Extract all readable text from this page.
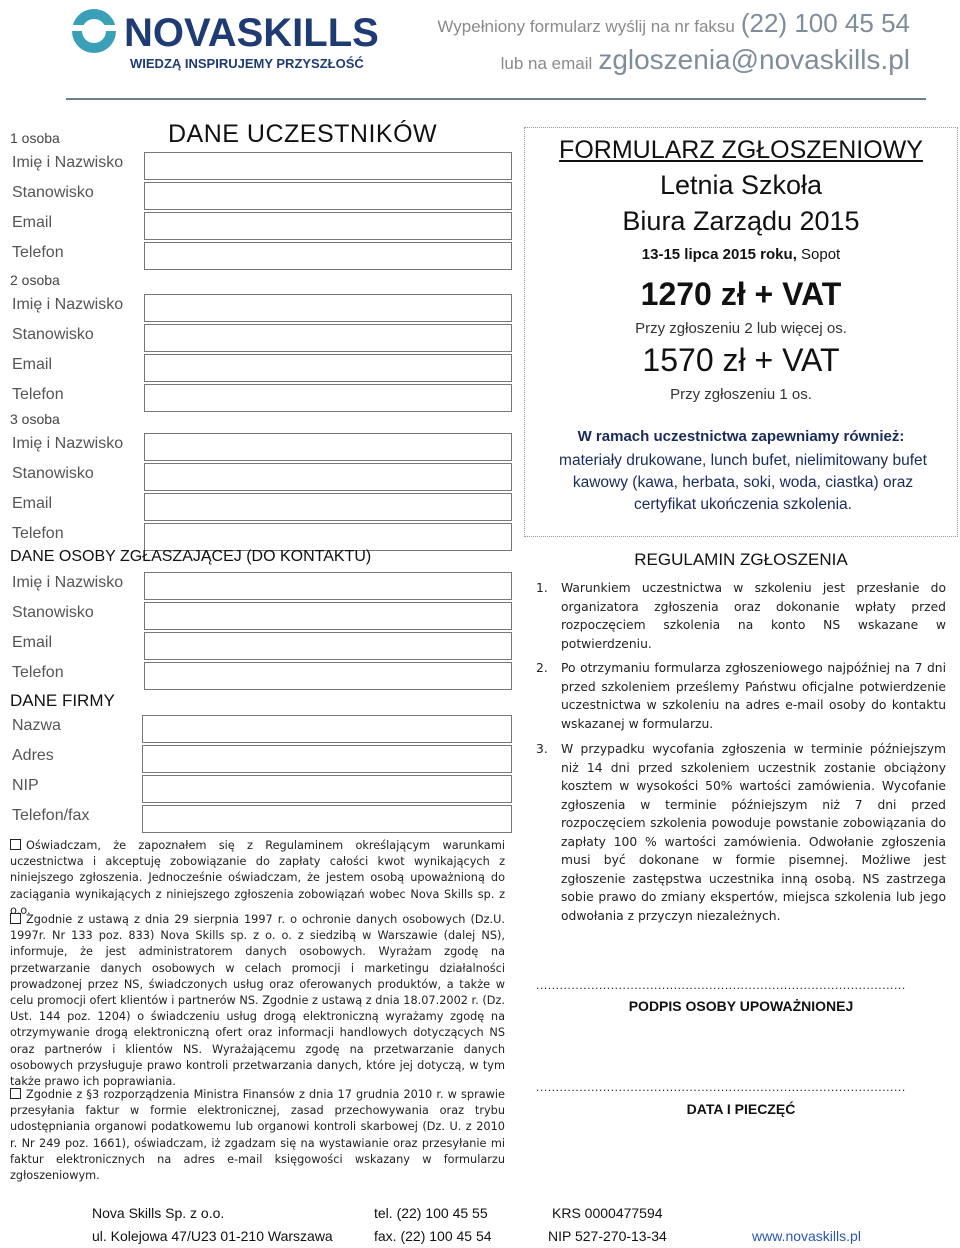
NOVASKILLS
WIEDZĄ INSPIRUJEMY PRZYSZŁOŚĆ
Wypełniony formularz wyślij na nr faksu (22) 100 45 54
lub na email zgloszenia@novaskills.pl
DANE UCZESTNIKÓW
1 osoba
Imię i Nazwisko
Stanowisko
Email
Telefon
2 osoba
Imię i Nazwisko
Stanowisko
Email
Telefon
3 osoba
Imię i Nazwisko
Stanowisko
Email
Telefon
DANE OSOBY ZGŁASZAJĄCEJ (DO KONTAKTU)
Imię i Nazwisko
Stanowisko
Email
Telefon
DANE FIRMY
Nazwa
Adres
NIP
Telefon/fax
Oświadczam, że zapoznałem się z Regulaminem określającym warunkami uczestnictwa i akceptuję zobowiązanie do zapłaty całości kwot wynikających z niniejszego zgłoszenia. Jednocześnie oświadczam, że jestem osobą upoważnioną do zaciągania wynikających z niniejszego zgłoszenia zobowiązań wobec Nova Skills sp. z o.o.
Zgodnie z ustawą z dnia 29 sierpnia 1997 r. o ochronie danych osobowych (Dz.U. 1997r. Nr 133 poz. 833) Nova Skills sp. z o. o. z siedzibą w Warszawie (dalej NS), informuje, że jest administratorem danych osobowych. Wyrażam zgodę na przetwarzanie danych osobowych w celach promocji i marketingu działalności prowadzonej przez NS, świadczonych usług oraz oferowanych produktów, a także w celu promocji ofert klientów i partnerów NS. Zgodnie z ustawą z dnia 18.07.2002 r. (Dz. Ust. 144 poz. 1204) o świadczeniu usług drogą elektroniczną wyrażamy zgodę na otrzymywanie drogą elektroniczną ofert oraz informacji handlowych dotyczących NS oraz partnerów i klientów NS. Wyrażającemu zgodę na przetwarzanie danych osobowych przysługuje prawo kontroli przetwarzania danych, które jej dotyczą, w tym także prawo ich poprawiania.
Zgodnie z §3 rozporządzenia Ministra Finansów z dnia 17 grudnia 2010 r. w sprawie przesyłania faktur w formie elektronicznej, zasad przechowywania oraz trybu udostępniania organowi podatkowemu lub organowi kontroli skarbowej (Dz. U. z 2010 r. Nr 249 poz. 1661), oświadczam, iż zgadzam się na wystawianie oraz przesyłanie mi faktur elektronicznych na adres e-mail księgowości wskazany w formularzu zgłoszeniowym.
FORMULARZ ZGŁOSZENIOWY
Letnia Szkoła
Biura Zarządu 2015
13-15 lipca 2015 roku, Sopot
1270 zł + VAT
Przy zgłoszeniu 2 lub więcej os.
1570 zł + VAT
Przy zgłoszeniu 1 os.
W ramach uczestnictwa zapewniamy również:
materiały drukowane, lunch bufet, nielimitowany bufet kawowy (kawa, herbata, soki, woda, ciastka) oraz certyfikat ukończenia szkolenia.
REGULAMIN ZGŁOSZENIA
1. Warunkiem uczestnictwa w szkoleniu jest przesłanie do organizatora zgłoszenia oraz dokonanie wpłaty przed rozpoczęciem szkolenia na konto NS wskazane w potwierdzeniu.
2. Po otrzymaniu formularza zgłoszeniowego najpóźniej na 7 dni przed szkoleniem prześlemy Państwu oficjalne potwierdzenie uczestnictwa w szkoleniu na adres e-mail osoby do kontaktu wskazanej w formularzu.
3. W przypadku wycofania zgłoszenia w terminie późniejszym niż 14 dni przed szkoleniem uczestnik zostanie obciążony kosztem w wysokości 50% wartości zamówienia. Wycofanie zgłoszenia w terminie późniejszym niż 7 dni przed rozpoczęciem szkolenia powoduje powstanie zobowiązania do zapłaty 100 % wartości zamówienia. Odwołanie zgłoszenia musi być dokonane w formie pisemnej. Możliwe jest zgłoszenie zastępstwa uczestnika inną osobą. NS zastrzega sobie prawo do zmiany ekspertów, miejsca szkolenia lub jego odwołania z przyczyn niezależnych.
..............................................................................................
PODPIS OSOBY UPOWAŻNIONEJ
..............................................................................................
DATA I PIECZĘĆ
Nova Skills Sp. z o.o.
ul. Kolejowa 47/U23 01-210 Warszawa
tel. (22) 100 45 55
fax. (22) 100 45 54
KRS 0000477594
NIP 527-270-13-34	www.novaskills.pl
